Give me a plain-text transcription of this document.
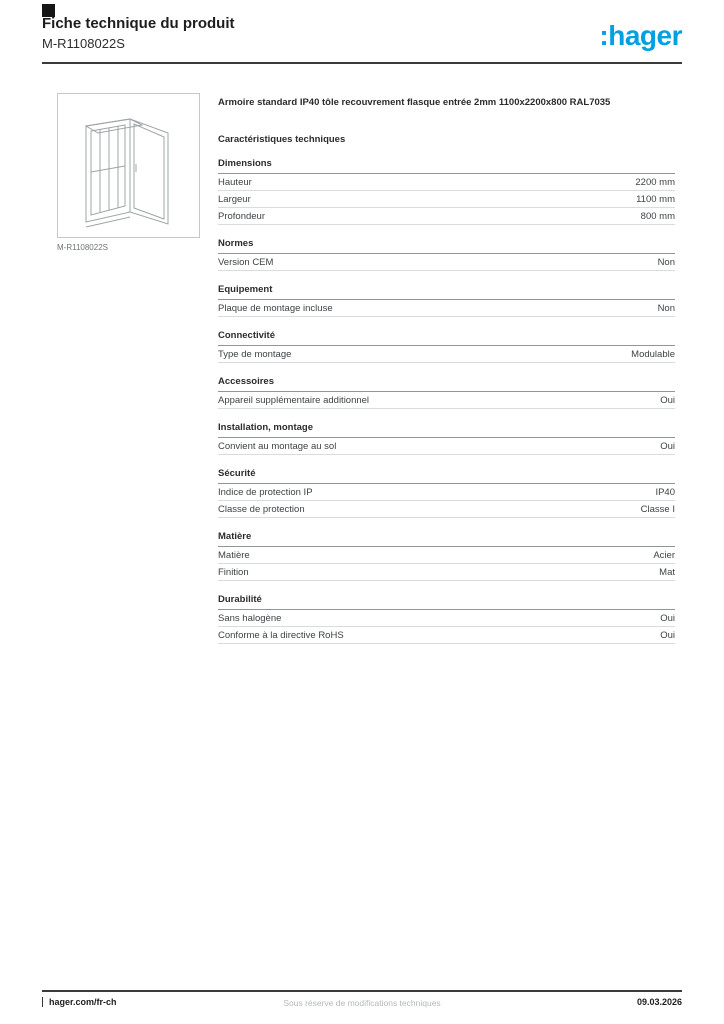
Fiche technique du produit
M-R1108022S	:hager
M-R1108022S
Armoire standard IP40 tôle recouvrement flasque entrée 2mm 1100x2200x800 RAL7035
Caractéristiques techniques
Dimensions
Hauteur	2200 mm
Largeur	1100 mm
Profondeur	800 mm
Normes
Version CEM	Non
Equipement
Plaque de montage incluse	Non
Connectivité
Type de montage	Modulable
Accessoires
Appareil supplémentaire additionnel	Oui
Installation, montage
Convient au montage au sol	Oui
Sécurité
Indice de protection IP	IP40
Classe de protection	Classe I
Matière
Matière	Acier
Finition	Mat
Durabilité
Sans halogène	Oui
Conforme à la directive RoHS	Oui
hager.com/fr-ch	Sous réserve de modifications techniques	09.03.2026
